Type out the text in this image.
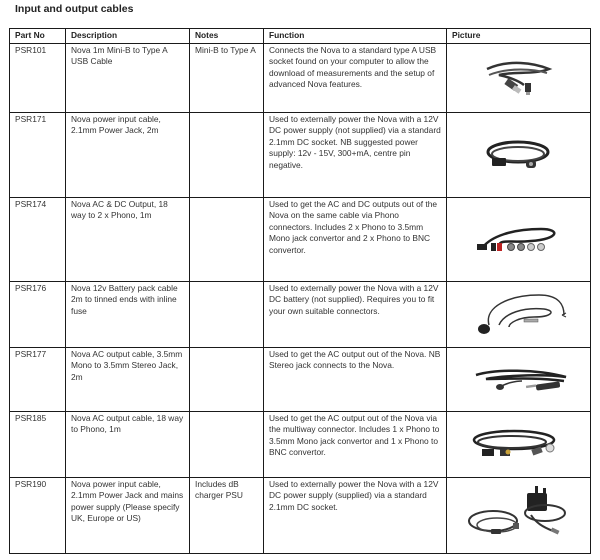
Input and output cables
Part No	Description	Notes	Function	Picture
PSR101	Nova 1m Mini-B to Type A USB Cable	Mini-B to Type A	Connects the Nova to a standard type A USB socket found on your computer to allow the download of measurements and the setup of advanced Nova features.	

PSR171	Nova power input cable, 2.1mm Power Jack, 2m		Used to externally power the Nova with a 12V DC power supply (not supplied) via a standard 2.1mm DC socket. NB suggested power supply: 12v - 15V, 300+mA, centre pin negative.	

PSR174	Nova AC & DC Output, 18 way to 2 x Phono, 1m		Used to get the AC and DC outputs out of the Nova on the same cable via Phono connectors. Includes 2 x Phono to 3.5mm Mono jack convertor and 2 x Phono to BNC convertor.	

PSR176	Nova 12v Battery pack cable 2m to tinned ends with inline fuse		Used to externally power the Nova with a 12V DC battery (not supplied). Requires you to fit your own suitable connectors.	

PSR177	Nova AC output cable, 3.5mm Mono to 3.5mm Stereo Jack, 2m		Used to get the AC output out of the Nova. NB Stereo jack connects to the Nova.	

PSR185	Nova AC output cable, 18 way to Phono, 1m		Used to get the AC output out of the Nova via the multiway connector. Includes 1 x Phono to 3.5mm Mono jack convertor and 1 x Phono to BNC convertor.	

PSR190	Nova power input cable, 2.1mm Power Jack and mains power supply (Please specify UK, Europe or US)	Includes dB charger PSU	Used to externally power the Nova with a 12V DC power supply (supplied) via a standard 2.1mm DC socket.	
